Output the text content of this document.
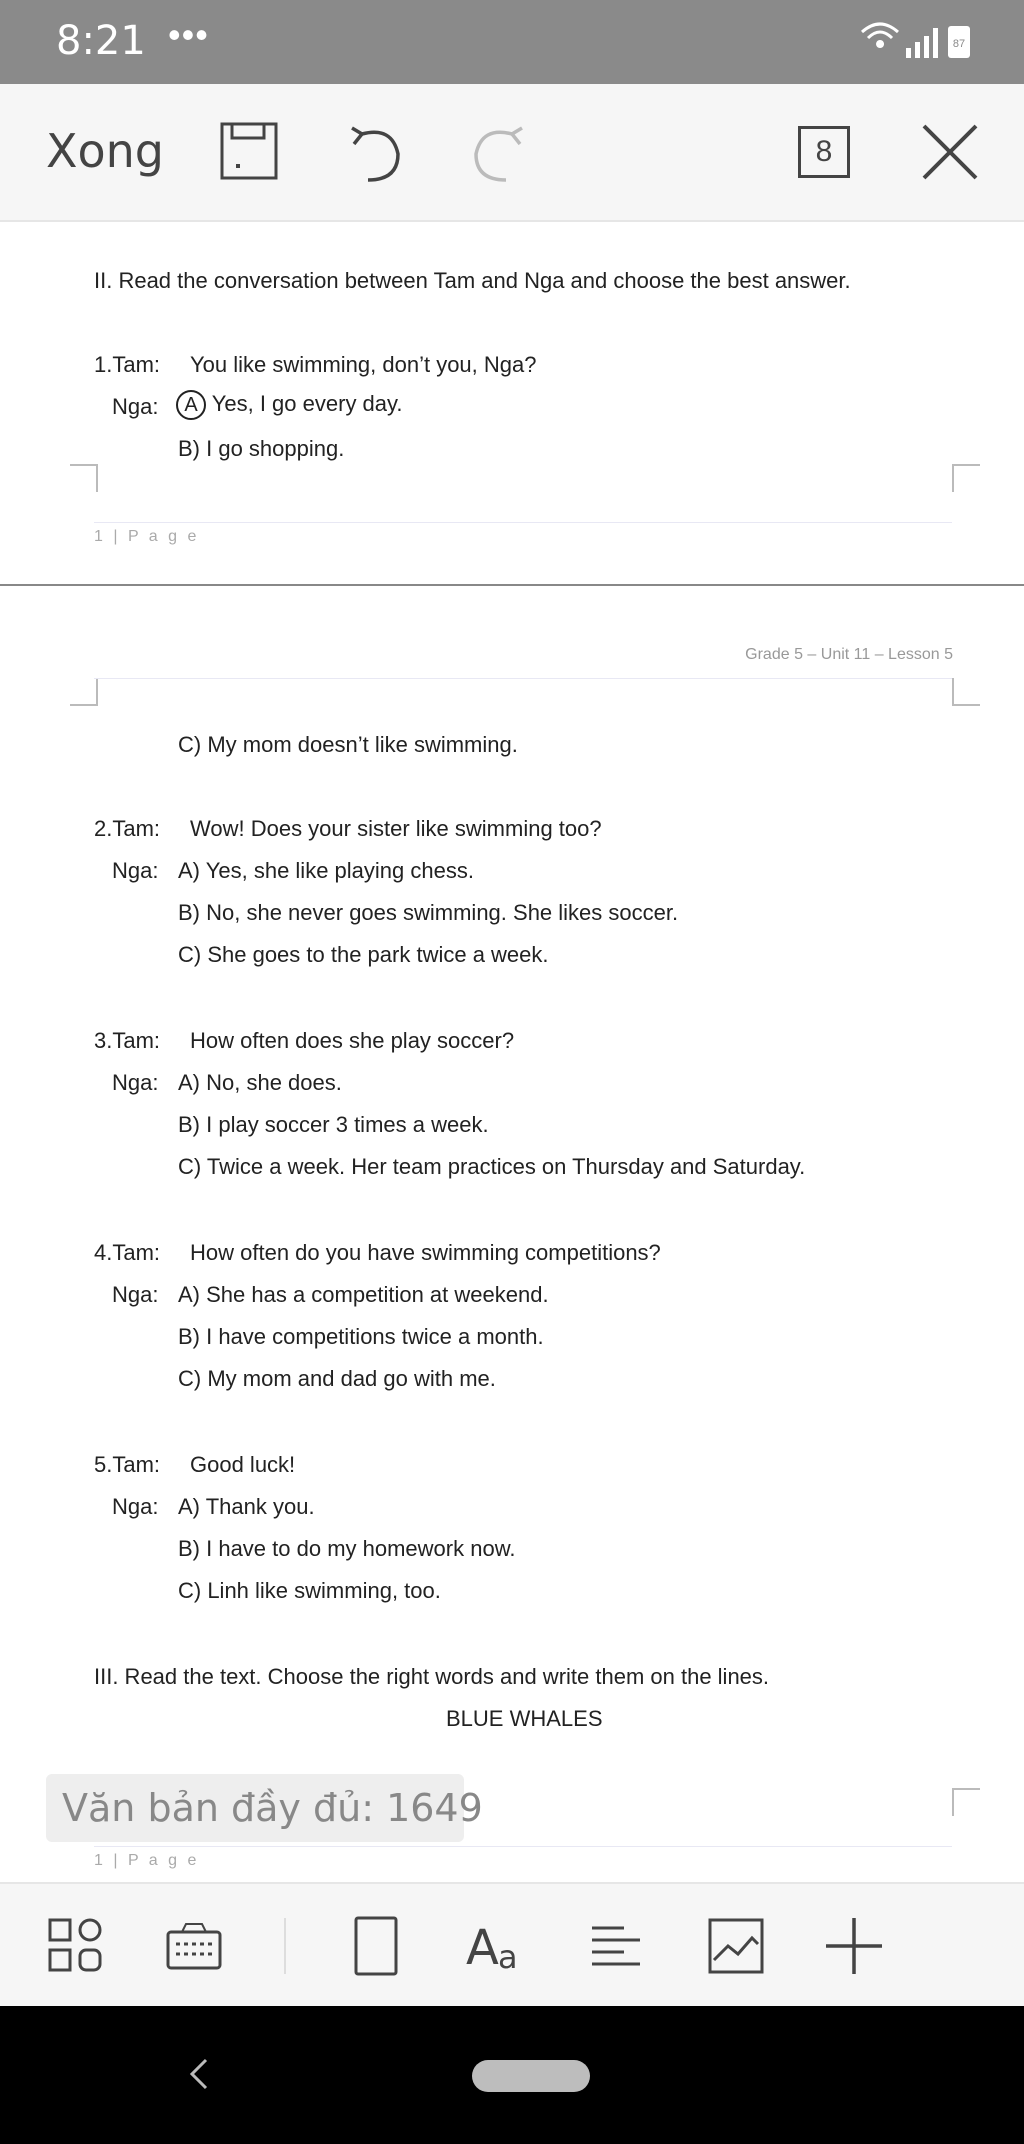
8:21 •••	87
Xong	8
II. Read the conversation between Tam and Nga and choose the best answer.
1.Tam: You like swimming, don’t you, Nga?
Nga:	A Yes, I go every day.
B) I go shopping.
1 | P a g e
Grade 5 – Unit 11 – Lesson 5
C) My mom doesn’t like swimming.
2.Tam: Wow! Does your sister like swimming too?
Nga: A) Yes, she like playing chess.
B) No, she never goes swimming. She likes soccer.
C) She goes to the park twice a week.
3.Tam: How often does she play soccer?
Nga: A) No, she does.
B) I play soccer 3 times a week.
C) Twice a week. Her team practices on Thursday and Saturday.
4.Tam: How often do you have swimming competitions?
Nga: A) She has a competition at weekend.
B) I have competitions twice a month.
C) My mom and dad go with me.
5.Tam: Good luck!
Nga: A) Thank you.
B) I have to do my homework now.
C) Linh like swimming, too.
III. Read the text. Choose the right words and write them on the lines.
BLUE WHALES
1 | P a g e
Văn bản đầy đủ: 1649
A a
